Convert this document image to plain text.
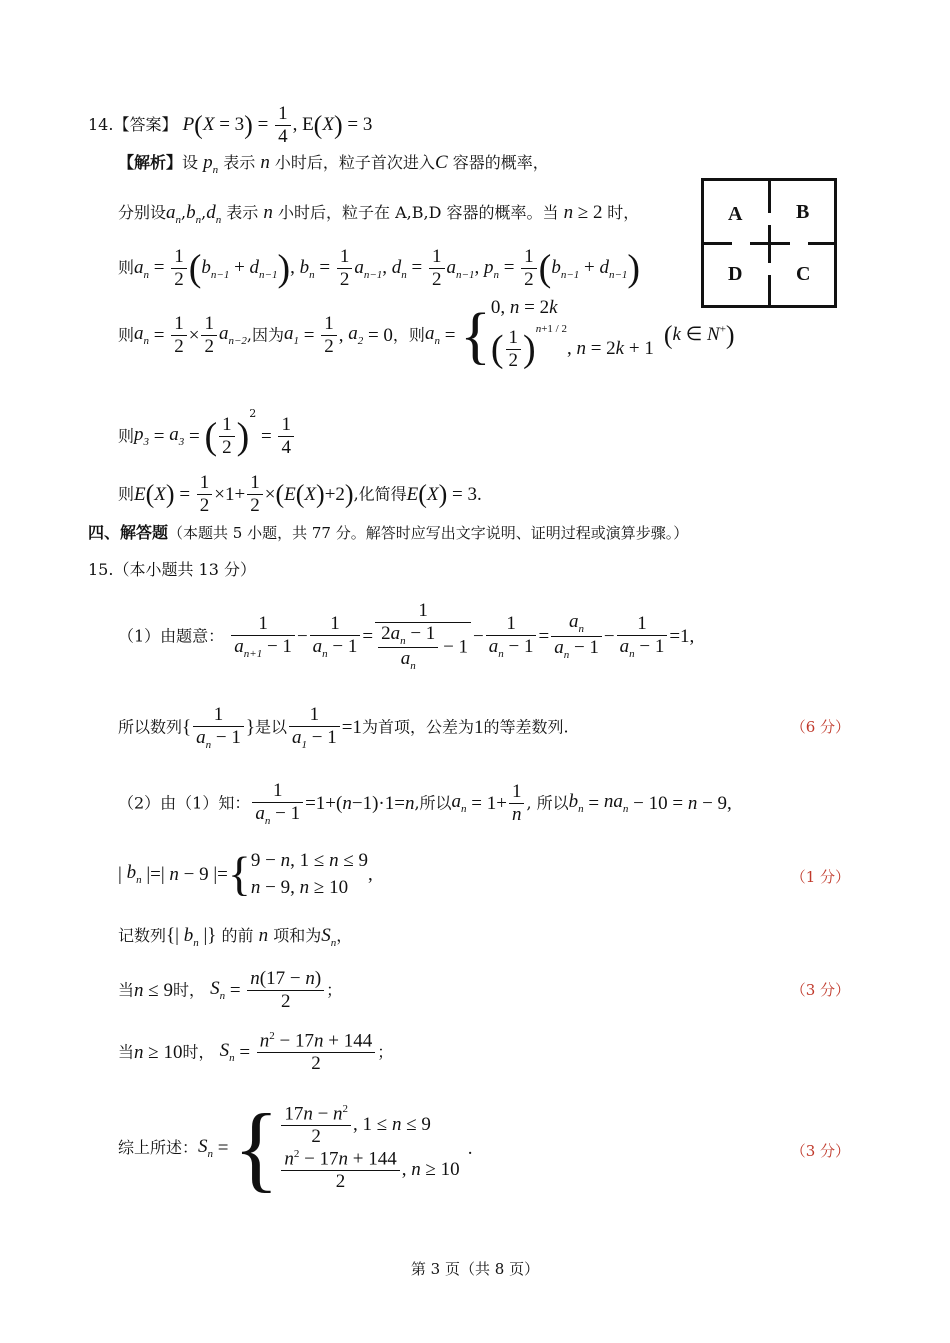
14.【答案】 $P(X = 3) = \frac{1}{4}$ , E(X) = 3
【解析】设 $p_n$ 表示 n 小时后，粒子首次进入C 容器的概率，
A	B
D	C
分别设$a_n,b_n,d_n$ 表示 n 小时后，粒子在 A,B,D 容器的概率。当 n ≥ 2 时，
则$a_n = \frac{1}{2} (b_{n-1} + d_{n-1})$, $b_n = \frac{1}{2} a_{n-1}$, $d_n = \frac{1}{2} a_{n-1}$, $p_n = \frac{1}{2} (b_{n-1} + d_{n-1})$
则$a_n = \frac{1}{2} \times \frac{1}{2} a_{n-2}$,因为$a_1 = \frac{1}{2}$ , $a_2 = 0$，则$a_n$ = { 0, n = 2k
( $\frac{1}{2} )^{n+1 / 2}$, n = 2k + 1 (k ∈ N+)
则$p_3 = a_3$ = ( $\frac{1}{2} )^2 = \frac{1}{4}$
则$E(X) = \frac{1}{2} \times 1+ \frac{1}{2} \times(E(X)+2)$,化简得E(X) = 3.
四、解答题（本题共 5 小题，共 77 分。解答时应写出文字说明、证明过程或演算步骤。）
15.（本小题共 13 分）
（1）由题意： $\frac{1}{a_{n+1} - 1} - \frac{1}{a_n - 1} = \frac{1}{\frac{2a_n - 1}{a_n} - 1} - \frac{1}{a_n - 1} = \frac{a_n}{a_n - 1} - \frac{1}{a_n - 1} =1$,
所以数列{ $\frac{1}{a_n - 1}$ }是以 $\frac{1}{a_1 - 1} =1$为首项，公差为1的等差数列.	（6 分）
（2）由（1）知： $\frac{1}{a_n - 1} =1+(n-1)\cdot 1=n$,所以$a_n = 1+ \frac{1}{n}$ , 所以$b_n = na_n - 10 = n - 9$,
| $b_n$ |=| n − 9 |={ 9 − n, 1 ≤ n ≤ 9
n − 9, n ≥ 10
,	（1 分）
记数列{| $b_n$ |} 的前 n 项和为$S_n$，
当n ≤ 9时， $S_n = \frac{n(17 - n)}{2}$ ；	（3 分）
当n ≥ 10时， $S_n = \frac{n^2 - 17n + 144}{2}$ ；
综上所述：$S_n$ = { $\frac{17n - n^2}{2}$ , 1 ≤ n ≤ 9
$\frac{n^2 - 17n + 144}{2}$ , n ≥ 10
.	（3 分）
第 3 页（共 8 页）
